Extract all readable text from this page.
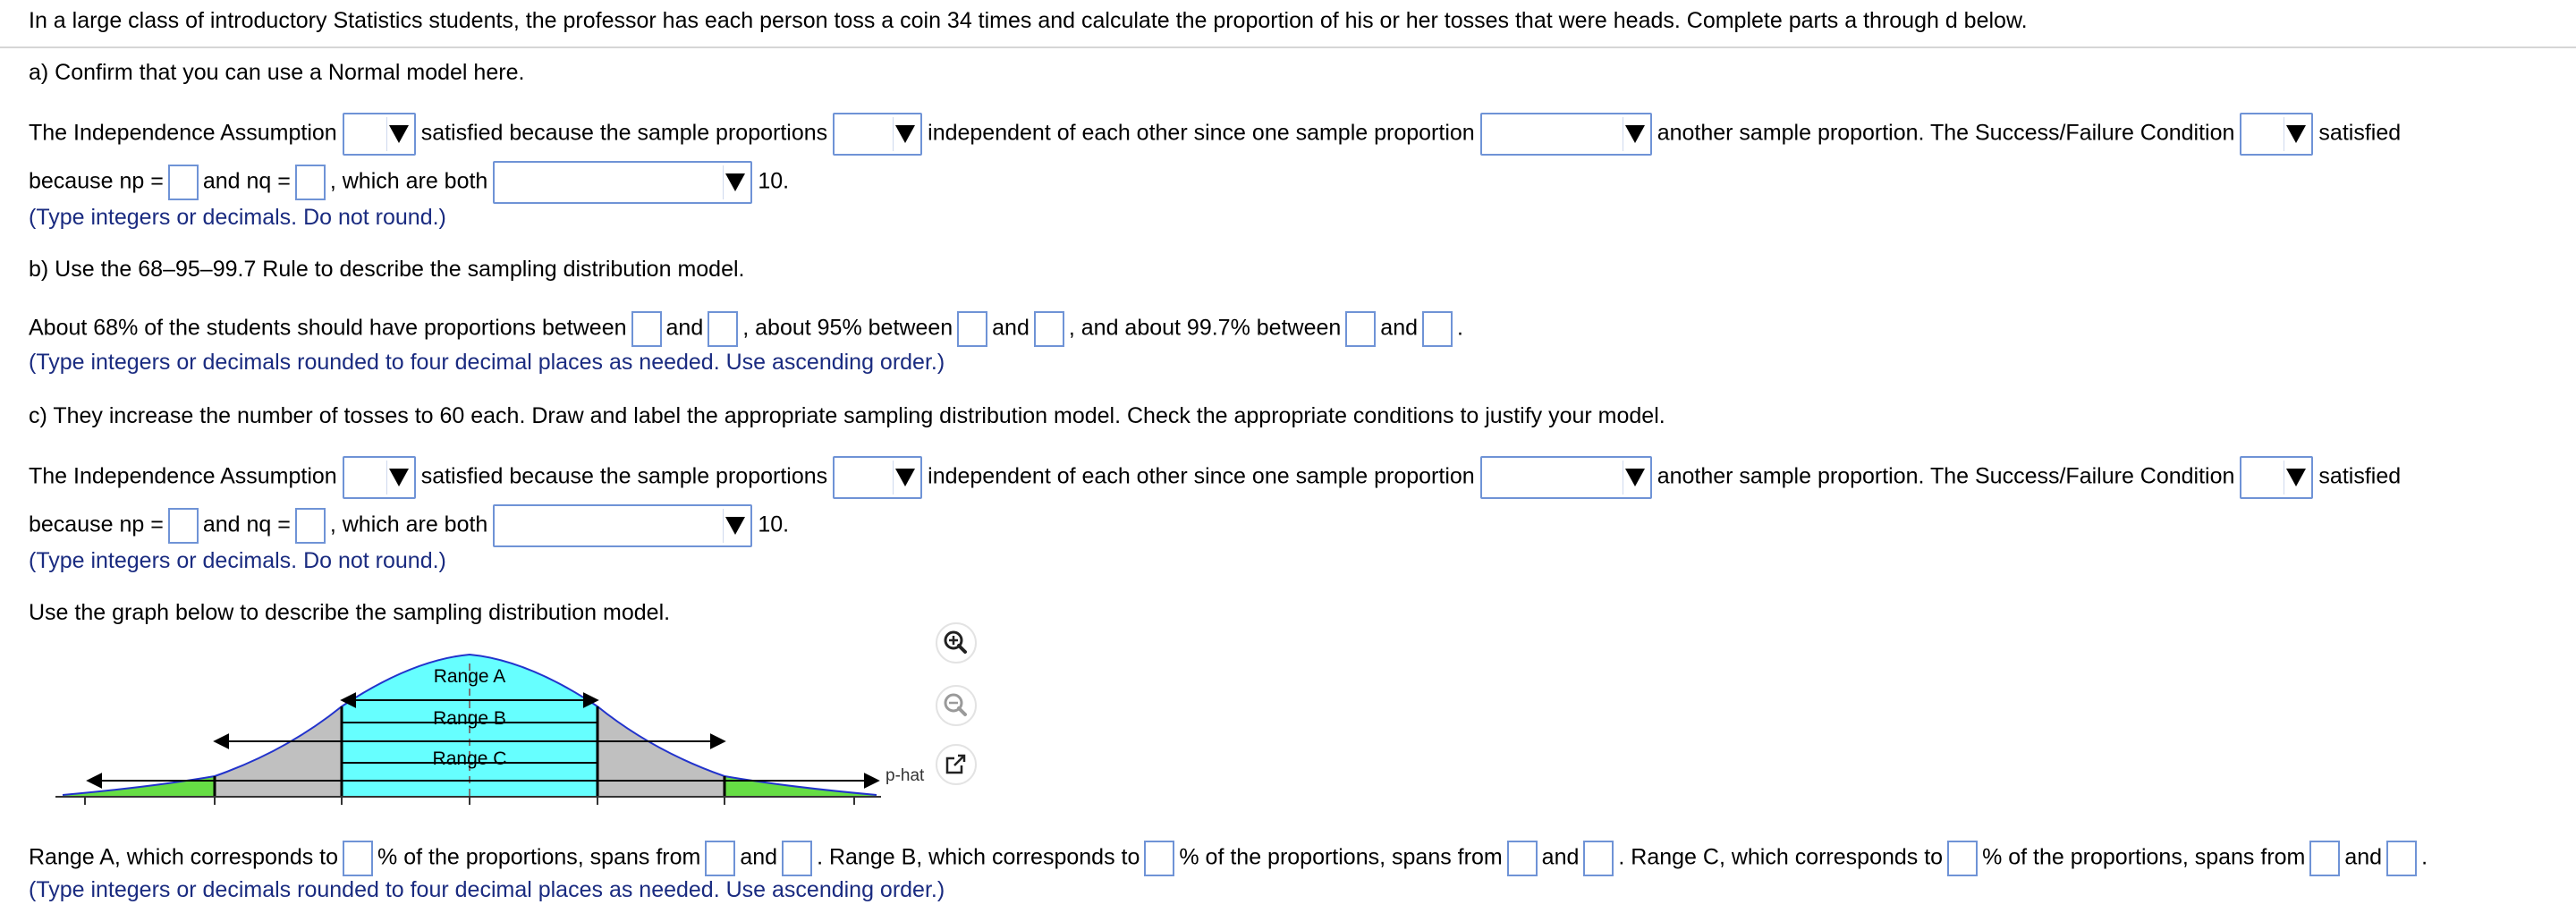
In a large class of introductory Statistics students, the professor has each person toss a coin 34 times and calculate the proportion of his or her tosses that were heads. Complete parts a through d below.
a) Confirm that you can use a Normal model here.
The Independence Assumption	satisfied because the sample proportions	independent of each other since one sample proportion	another sample proportion. The Success/Failure Condition	satisfied
because np = and nq = , which are both	10.
(Type integers or decimals. Do not round.)
b) Use the 68–95–99.7 Rule to describe the sampling distribution model.
About 68% of the students should have proportions between and , about 95% between and , and about 99.7% between and .
(Type integers or decimals rounded to four decimal places as needed. Use ascending order.)
c) They increase the number of tosses to 60 each. Draw and label the appropriate sampling distribution model. Check the appropriate conditions to justify your model.
The Independence Assumption	satisfied because the sample proportions	independent of each other since one sample proportion	another sample proportion. The Success/Failure Condition	satisfied
because np = and nq = , which are both	10.
(Type integers or decimals. Do not round.)
Use the graph below to describe the sampling distribution model.
Range A
Range B
Range C
p-hat
Range A, which corresponds to % of the proportions, spans from and . Range B, which corresponds to % of the proportions, spans from and . Range C, which corresponds to % of the proportions, spans from and .
(Type integers or decimals rounded to four decimal places as needed. Use ascending order.)
